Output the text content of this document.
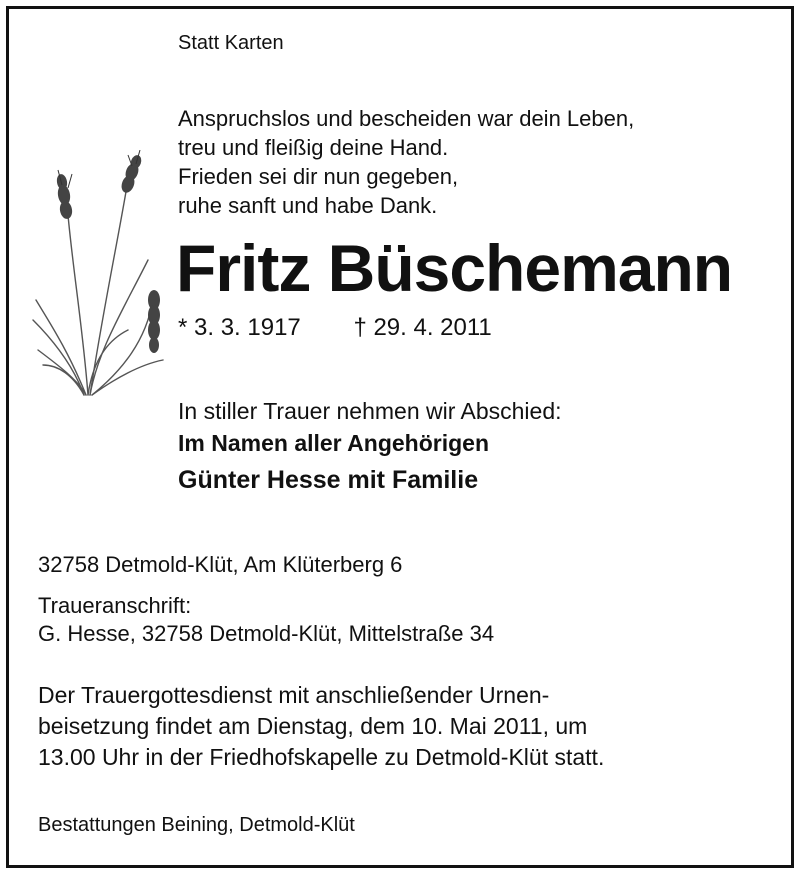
Statt Karten
Anspruchslos und bescheiden war dein Leben,
treu und fleißig deine Hand.
Frieden sei dir nun gegeben,
ruhe sanft und habe Dank.
Fritz Büschemann
* 3. 3. 1917 † 29. 4. 2011
In stiller Trauer nehmen wir Abschied:
Im Namen aller Angehörigen
Günter Hesse mit Familie
32758 Detmold-Klüt, Am Klüterberg 6
Traueranschrift:
G. Hesse, 32758 Detmold-Klüt, Mittelstraße 34
Der Trauergottesdienst mit anschließender Urnen-
beisetzung findet am Dienstag, dem 10. Mai 2011, um
13.00 Uhr in der Friedhofskapelle zu Detmold-Klüt statt.
Bestattungen Beining, Detmold-Klüt
